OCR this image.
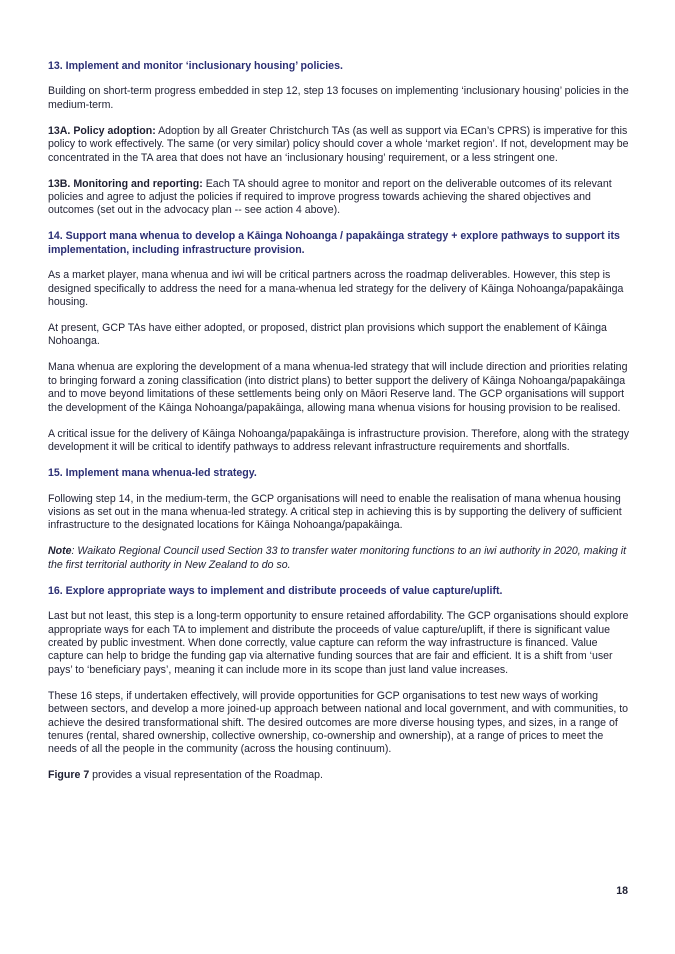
13. Implement and monitor ‘inclusionary housing’ policies.

Building on short-term progress embedded in step 12, step 13 focuses on implementing ‘inclusionary housing’ policies in the medium-term.

13A. Policy adoption: Adoption by all Greater Christchurch TAs (as well as support via ECan’s CPRS) is imperative for this policy to work effectively. The same (or very similar) policy should cover a whole ‘market region’. If not, development may be concentrated in the TA area that does not have an ‘inclusionary housing’ requirement, or a less stringent one.

13B. Monitoring and reporting: Each TA should agree to monitor and report on the deliverable outcomes of its relevant policies and agree to adjust the policies if required to improve progress towards achieving the shared objectives and outcomes (set out in the advocacy plan -- see action 4 above).

14. Support mana whenua to develop a Kāinga Nohoanga / papakāinga strategy + explore pathways to support its implementation, including infrastructure provision.

As a market player, mana whenua and iwi will be critical partners across the roadmap deliverables. However, this step is designed specifically to address the need for a mana-whenua led strategy for the delivery of Kāinga Nohoanga/papakāinga housing.

At present, GCP TAs have either adopted, or proposed, district plan provisions which support the enablement of Kāinga Nohoanga.

Mana whenua are exploring the development of a mana whenua-led strategy that will include direction and priorities relating to bringing forward a zoning classification (into district plans) to better support the delivery of Kāinga Nohoanga/papakāinga and to move beyond limitations of these settlements being only on Māori Reserve land. The GCP organisations will support the development of the Kāinga Nohoanga/papakāinga, allowing mana whenua visions for housing provision to be realised.

A critical issue for the delivery of Kāinga Nohoanga/papakāinga is infrastructure provision. Therefore, along with the strategy development it will be critical to identify pathways to address relevant infrastructure requirements and shortfalls.

15. Implement mana whenua-led strategy.

Following step 14, in the medium-term, the GCP organisations will need to enable the realisation of mana whenua housing visions as set out in the mana whenua-led strategy. A critical step in achieving this is by supporting the delivery of sufficient infrastructure to the designated locations for Kāinga Nohoanga/papakāinga.

Note: Waikato Regional Council used Section 33 to transfer water monitoring functions to an iwi authority in 2020, making it the first territorial authority in New Zealand to do so.

16. Explore appropriate ways to implement and distribute proceeds of value capture/uplift.

Last but not least, this step is a long-term opportunity to ensure retained affordability. The GCP organisations should explore appropriate ways for each TA to implement and distribute the proceeds of value capture/uplift, if there is significant value created by public investment. When done correctly, value capture can reform the way infrastructure is financed. Value capture can help to bridge the funding gap via alternative funding sources that are fair and efficient. It is a shift from ‘user pays’ to ‘beneficiary pays’, meaning it can include more in its scope than just land value increases.

These 16 steps, if undertaken effectively, will provide opportunities for GCP organisations to test new ways of working between sectors, and develop a more joined-up approach between national and local government, and with communities, to achieve the desired transformational shift. The desired outcomes are more diverse housing types, and sizes, in a range of tenures (rental, shared ownership, collective ownership, co-ownership and ownership), at a range of prices to meet the needs of all the people in the community (across the housing continuum).

Figure 7 provides a visual representation of the Roadmap.

18
